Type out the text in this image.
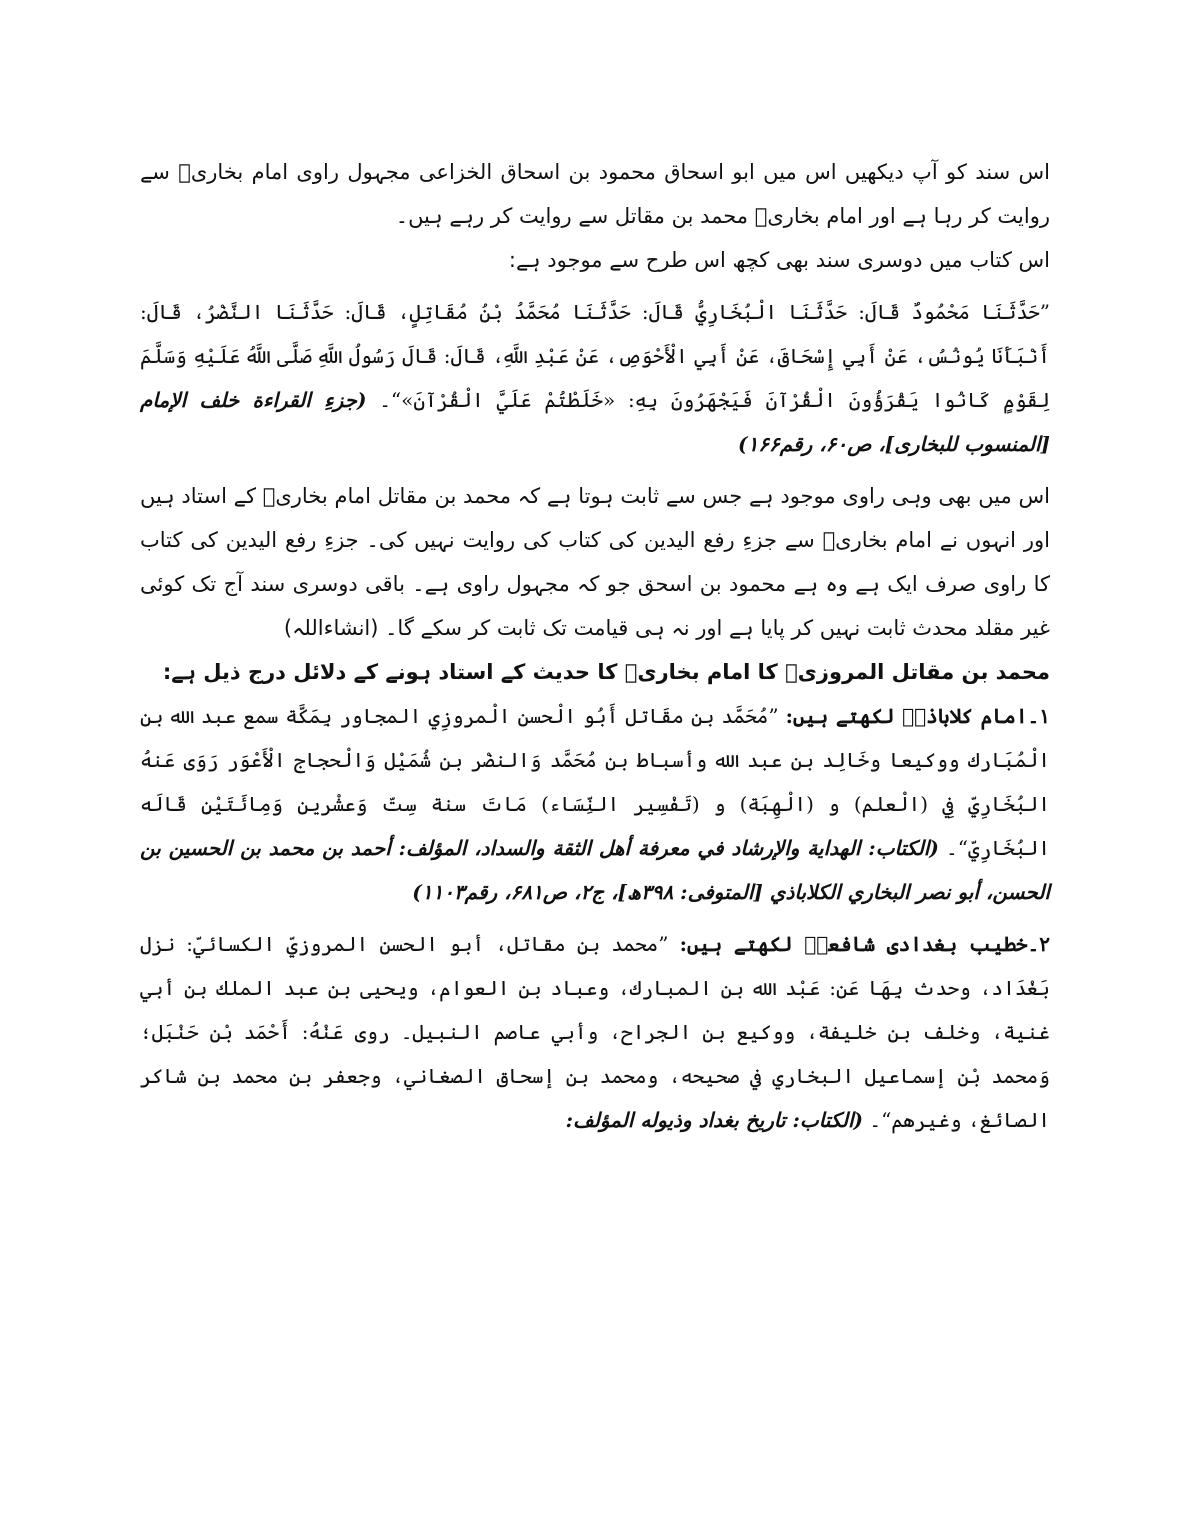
اس سند کو آپ دیکھیں اس میں ابو اسحاق محمود بن اسحاق الخزاعی مجہول راوی امام بخاریؒ سے روایت کر رہا ہے اور امام بخاریؒ محمد بن مقاتل سے روایت کر رہے ہیں۔

اس کتاب میں دوسری سند بھی کچھ اس طرح سے موجود ہے:

”حَدَّثَنَا مَحْمُودٌ قَالَ: حَدَّثَنَا الْبُخَارِيُّ قَالَ: حَدَّثَنَا مُحَمَّدُ بْنُ مُقَاتِلٍ، قَالَ: حَدَّثَنَا النَّضْرُ، قَالَ: أَنْبَأَنَا يُونُسُ، عَنْ أَبِي إِسْحَاقَ، عَنْ أَبِي الْأَحْوَصِ، عَنْ عَبْدِ اللَّهِ، قَالَ: قَالَ رَسُولُ اللَّهِ صَلَّى اللَّهُ عَلَيْهِ وَسَلَّمَ لِقَوْمٍ كَانُوا يَقْرَؤُونَ الْقُرْآنَ فَيَجْهَرُونَ بِهِ: «خَلَطْتُمْ عَلَيَّ الْقُرْآنَ»“۔ (جزءِ القراءة خلف الإمام [المنسوب للبخاری]، ص۶۰، رقم۱۶۶)

اس میں بھی وہی راوی موجود ہے جس سے ثابت ہوتا ہے کہ محمد بن مقاتل امام بخاریؒ کے استاد ہیں اور انہوں نے امام بخاریؒ سے جزءِ رفع الیدین کی کتاب کی روایت نہیں کی۔ جزءِ رفع الیدین کی کتاب کا راوی صرف ایک ہے وہ ہے محمود بن اسحق جو کہ مجہول راوی ہے۔ باقی دوسری سند آج تک کوئی غیر مقلد محدث ثابت نہیں کر پایا ہے اور نہ ہی قیامت تک ثابت کر سکے گا۔ (انشاءاللہ)

محمد بن مقاتل المروزیؒ کا امام بخاریؒ کا حدیث کے استاد ہونے کے دلائل درج ذیل ہے:

۱۔امام کلاباذیؒ لکھتے ہیں: ”مُحَمَّد بن مقَاتل أَبُو الْحسن الْمروزِي المجاور بِمَكَّة سمع عبد الله بن الْمُبَارك ووكيعا وخَالِد بن عبد الله وأسباط بن مُحَمَّد وَالنضْر بن شُمَيْل وَالْحجاج الْأَعْوَر رَوَى عَنهُ البُخَارِيّ فِي (الْعلم) و (الْهِبَة) و (تَفْسِير النِّسَاء) مَاتَ سنة سِتّ وَعشْرين وَمِائَتَيْنِ قَالَه البُخَارِيّ“۔ (الکتاب: الهداية والإرشاد في معرفة أهل الثقة والسداد، المؤلف: أحمد بن محمد بن الحسين بن الحسن، أبو نصر البخاري الكلاباذي [المتوفى: ۳۹۸ھ]، ج۲، ص۶۸۱، رقم۱۱۰۳)

۲۔خطیب بغدادی شافعیؒ لکھتے ہیں: ”محمد بن مقاتل، أبو الحسن المروزيّ الكسائيّ: نزل بَغْدَاد، وحدث بِهَا عَن: عَبْد الله بن المبارك، وعباد بن العوام، ويحيى بن عبد الملك بن أبي غنية، وخلف بن خليفة، ووكيع بن الجراح، وأبي عاصم النبيل۔ روى عَنْهُ: أَحْمَد بْن حَنْبَل؛ وَمحمد بْن إسماعيل البخاري في صحيحه، ومحمد بن إسحاق الصغاني، وجعفر بن محمد بن شاكر الصائغ، وغيرهم“۔ (الکتاب: تاریخ بغداد وذیوله المؤلف:
